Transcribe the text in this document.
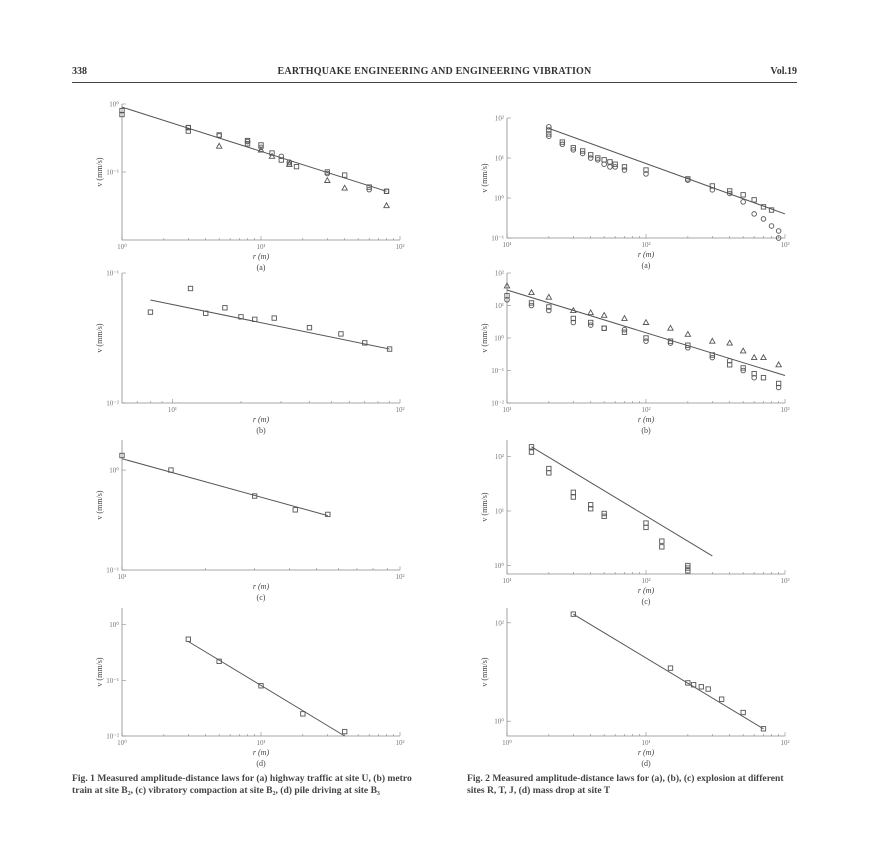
338	EARTHQUAKE ENGINEERING AND ENGINEERING VIBRATION	Vol.19
10⁰	10¹	10²
10⁰
10⁻¹
r (m)
(a)
v (mm/s)
10¹	10²
10⁻¹
10⁻²
r (m)
(b)
v (mm/s)
10¹	10²
10⁰
10⁻¹
r (m)
(c)
v (mm/s)
10⁰	10¹	10²
10⁰
10⁻¹
10⁻²
r (m)
(d)
v (mm/s)
10¹	10²	10³
10²
10¹
10⁰
10⁻¹
r (m)
(a)
v (mm/s)
10¹	10²	10³
10²
10¹
10⁰
10⁻¹
10⁻²
r (m)
(b)
v (mm/s)
10¹	10²	10³
10²
10¹
10⁰
r (m)
(c)
v (mm/s)
10⁰	10¹	10²
10²
10⁰
r (m)
(d)
v (mm/s)
Fig. 1 Measured amplitude-distance laws for (a) highway traffic at site U, (b) metro train at site B₂, (c) vibratory compaction at site B₂, (d) pile driving at site B₃
Fig. 2 Measured amplitude-distance laws for (a), (b), (c) explosion at different sites R, T, J, (d) mass drop at site T
